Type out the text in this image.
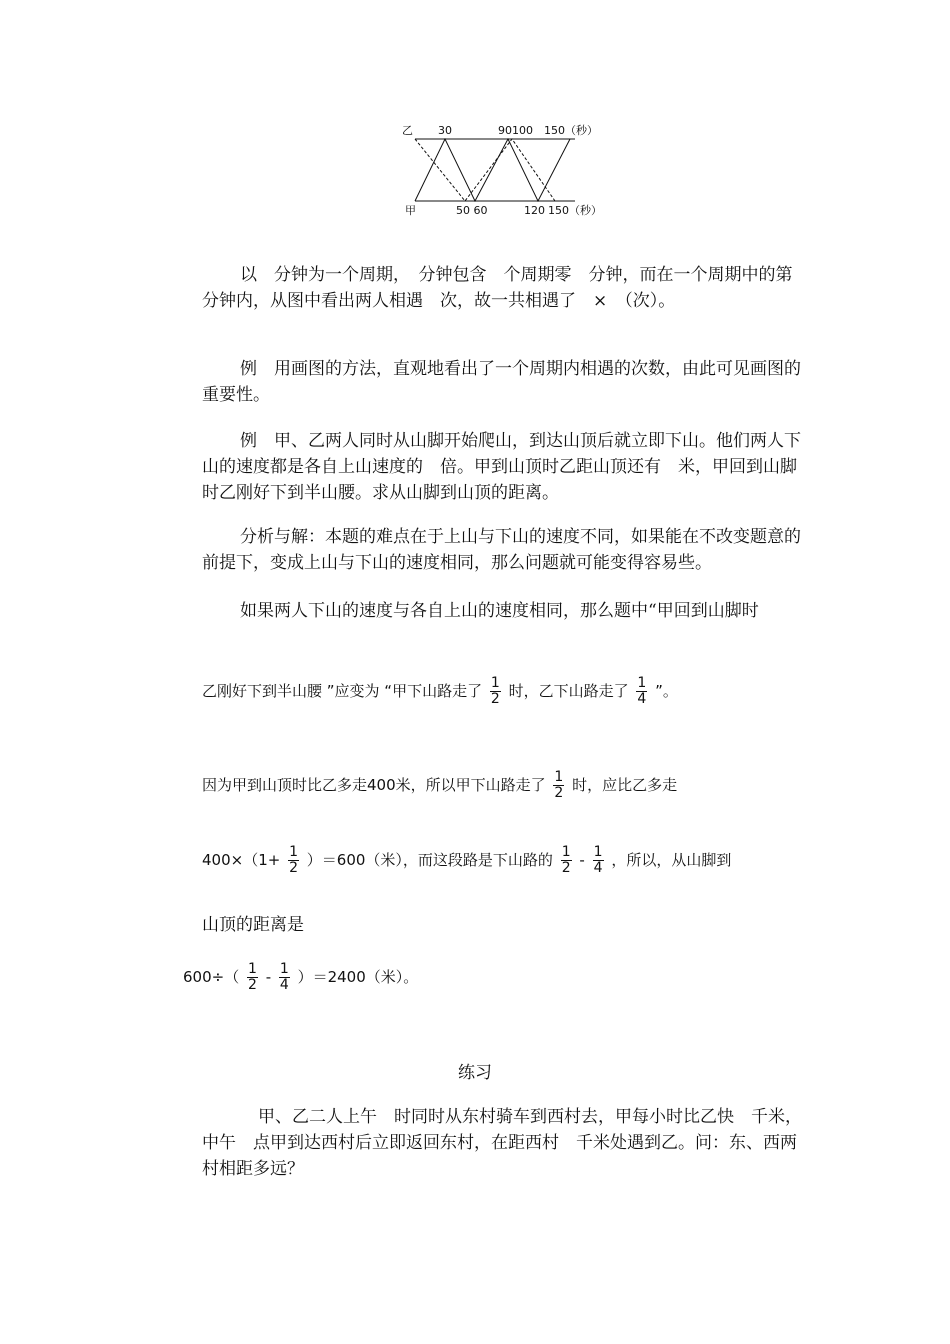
乙 30	90100 150（秒）
甲	50 60	120 150（秒）

以　分钟为一个周期，　分钟包含　个周期零　分钟，而在一个周期中的第　分钟内，从图中看出两人相遇　次，故一共相遇了　×　（次）。

例　用画图的方法，直观地看出了一个周期内相遇的次数，由此可见画图的重要性。

例　甲、乙两人同时从山脚开始爬山，到达山顶后就立即下山。他们两人下山的速度都是各自上山速度的　倍。甲到山顶时乙距山顶还有　米，甲回到山脚时乙刚好下到半山腰。求从山脚到山顶的距离。

分析与解：本题的难点在于上山与下山的速度不同，如果能在不改变题意的前提下，变成上山与下山的速度相同，那么问题就可能变得容易些。

如果两人下山的速度与各自上山的速度相同，那么题中“甲回到山脚时

乙刚好下到半山腰 ”应变为 “甲下山路走了 $\frac{1}{2}$ 时，乙下山路走了 $\frac{1}{4}$ ”。
因为甲到山顶时比乙多走400米，所以甲下山路走了 $\frac{1}{2}$ 时，应比乙多走
$400\times(1+ \frac{1}{2} )=600$（米），而这段路是下山路的 $\frac{1}{2} - \frac{1}{4}$ ，所以，从山脚到

山顶的距离是

$600\div( \frac{1}{2} - \frac{1}{4} )=2400$（米）。
练习

甲、乙二人上午　时同时从东村骑车到西村去，甲每小时比乙快　千米，中午　点甲到达西村后立即返回东村，在距西村　千米处遇到乙。问：东、西两村相距多远？
